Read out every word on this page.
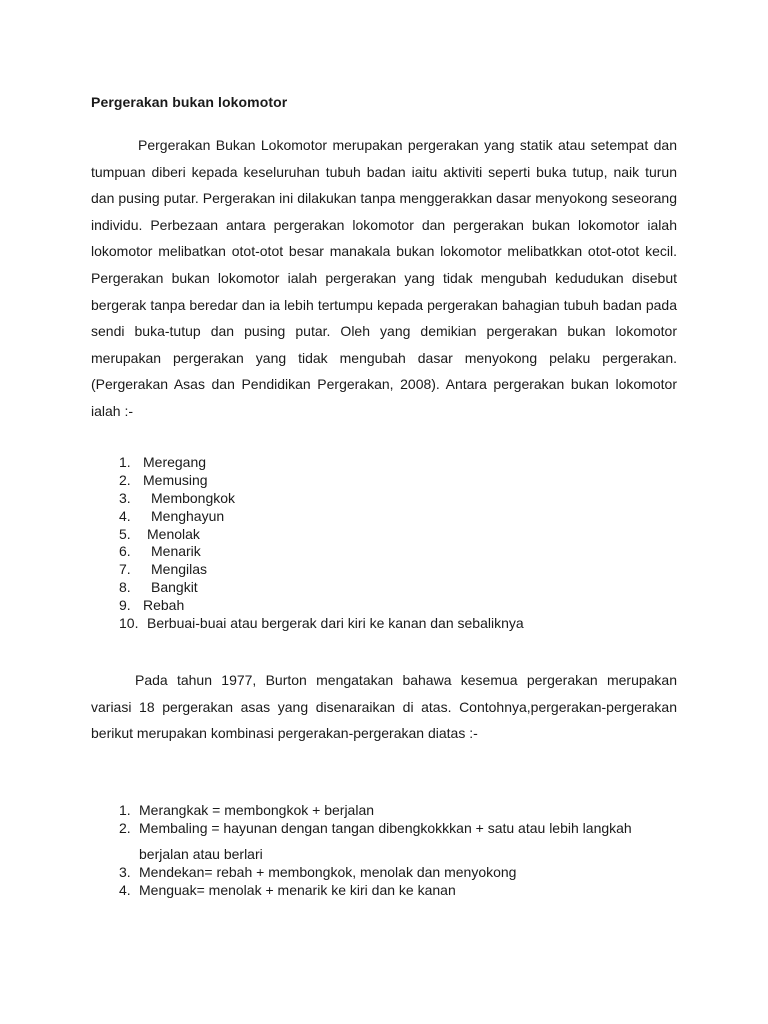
Pergerakan bukan lokomotor

Pergerakan Bukan Lokomotor merupakan pergerakan yang statik atau setempat dan tumpuan diberi kepada keseluruhan tubuh badan iaitu aktiviti seperti buka tutup, naik turun dan pusing putar. Pergerakan ini dilakukan tanpa menggerakkan dasar menyokong seseorang individu. Perbezaan antara pergerakan lokomotor dan pergerakan bukan lokomotor ialah lokomotor melibatkan otot-otot besar manakala bukan lokomotor melibatkkan otot-otot kecil. Pergerakan bukan lokomotor ialah pergerakan yang tidak mengubah kedudukan disebut bergerak tanpa beredar dan ia lebih tertumpu kepada pergerakan bahagian tubuh badan pada sendi buka-tutup dan pusing putar. Oleh yang demikian pergerakan bukan lokomotor merupakan pergerakan yang tidak mengubah dasar menyokong pelaku pergerakan. (Pergerakan Asas dan Pendidikan Pergerakan, 2008). Antara pergerakan bukan lokomotor ialah :-

1. Meregang
2. Memusing
3. Membongkok
4. Menghayun
5. Menolak
6. Menarik
7. Mengilas
8. Bangkit
9. Rebah
10. Berbuai-buai atau bergerak dari kiri ke kanan dan sebaliknya

Pada tahun 1977, Burton mengatakan bahawa kesemua pergerakan merupakan variasi 18 pergerakan asas yang disenaraikan di atas. Contohnya,pergerakan-pergerakan berikut merupakan kombinasi pergerakan-pergerakan diatas :-

1. Merangkak = membongkok + berjalan
2. Membaling = hayunan dengan tangan dibengkokkkan + satu atau lebih langkah
berjalan atau berlari
3. Mendekan= rebah + membongkok, menolak dan menyokong
4. Menguak= menolak + menarik ke kiri dan ke kanan
